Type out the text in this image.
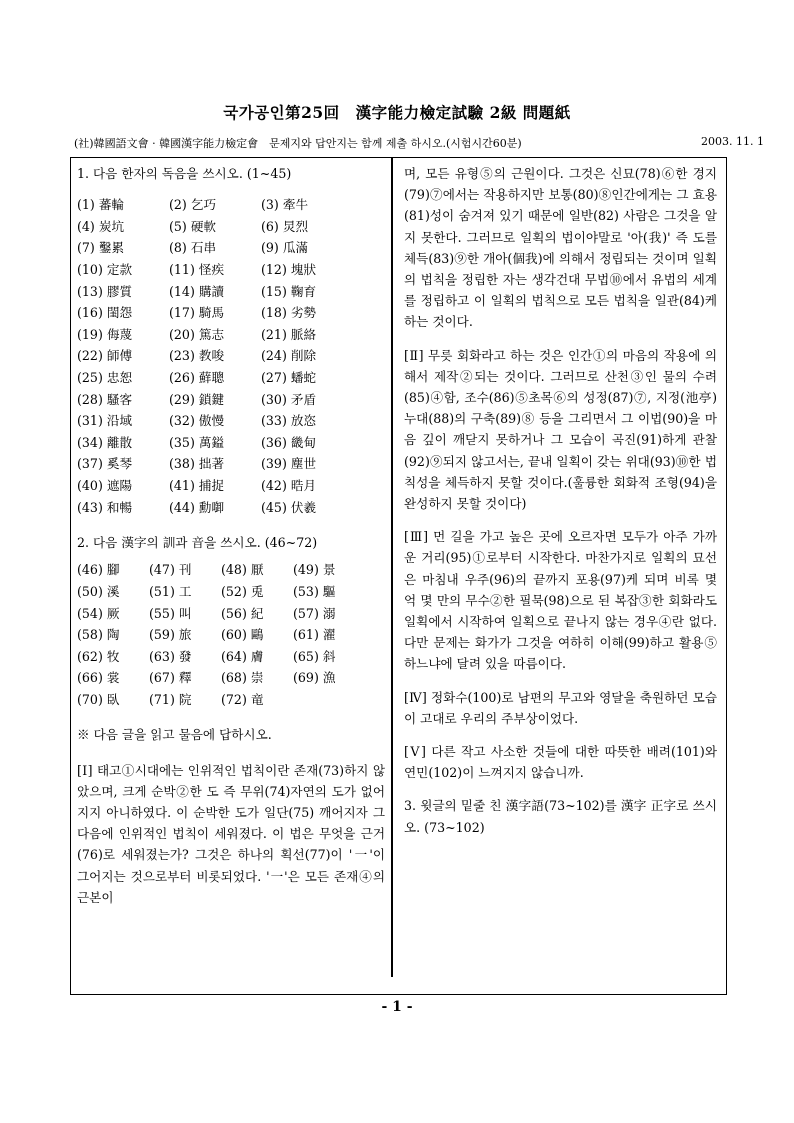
국가공인第25回　漢字能力檢定試驗 2級 問題紙
(社)韓國語文會 · 韓國漢字能力檢定會　문제지와 답안지는 함께 제출 하시오.(시험시간60분)	2003. 11. 1
1. 다음 한자의 독음을 쓰시오. (1~45)
(1) 蕃輪	(2) 乞巧	(3) 牽牛
(4) 炭坑	(5) 硬軟	(6) 炅烈
(7) 鑿累	(8) 石串	(9) 瓜滿
(10) 定款	(11) 怪疾	(12) 塊狀
(13) 膠質	(14) 購讀	(15) 鞠育
(16) 閨怨	(17) 騎馬	(18) 劣勢
(19) 侮蔑	(20) 篤志	(21) 脈絡
(22) 師傅	(23) 教唆	(24) 削除
(25) 忠恕	(26) 蘚聰	(27) 蟠蛇
(28) 騷客	(29) 鎖鍵	(30) 矛盾
(31) 沿域	(32) 傲慢	(33) 放恣
(34) 離散	(35) 萬鎰	(36) 畿甸
(37) 奚琴	(38) 拙著	(39) 塵世
(40) 遮陽	(41) 捕捉	(42) 晧月
(43) 和暢	(44) 勳啣	(45) 伏羲
2. 다음 漢字의 訓과 音을 쓰시오. (46~72)
(46) 腳	(47) 刊	(48) 厭	(49) 景
(50) 溪	(51) 工	(52) 兎	(53) 驅
(54) 厥	(55) 叫	(56) 紀	(57) 溺
(58) 陶	(59) 旅	(60) 鷗	(61) 濯
(62) 牧	(63) 發	(64) 膚	(65) 斜
(66) 裳	(67) 釋	(68) 崇	(69) 漁
(70) 臥	(71) 院	(72) 竜
※ 다음 글을 읽고 물음에 답하시오.

[Ⅰ] 태고①시대에는 인위적인 법칙이란 존재(73)하지 않았으며, 크게 순박②한 도 즉 무위(74)자연의 도가 없어지지 아니하였다. 이 순박한 도가 일단(75) 깨어지자 그 다음에 인위적인 법칙이 세워졌다. 이 법은 무엇을 근거(76)로 세워졌는가? 그것은 하나의 획선(77)이 '一'이 그어지는 것으로부터 비롯되었다. '一'은 모든 존재④의 근본이

며, 모든 유형⑤의 근원이다. 그것은 신묘(78)⑥한 경지(79)⑦에서는 작용하지만 보통(80)⑧인간에게는 그 효용(81)성이 숨겨져 있기 때문에 일반(82) 사람은 그것을 알지 못한다. 그러므로 일획의 법이야말로 '아(我)' 즉 도를 체득(83)⑨한 개아(個我)에 의해서 정립되는 것이며 일획의 법칙을 정립한 자는 생각건대 무법⑩에서 유법의 세계를 정립하고 이 일획의 법칙으로 모든 법칙을 일관(84)케 하는 것이다.

[Ⅱ] 무릇 회화라고 하는 것은 인간①의 마음의 작용에 의해서 제작②되는 것이다. 그러므로 산천③인 물의 수려(85)④함, 조수(86)⑤초목⑥의 성정(87)⑦, 지정(池亭)누대(88)의 구축(89)⑧ 등을 그리면서 그 이법(90)을 마음 깊이 깨닫지 못하거나 그 모습이 곡진(91)하게 관찰(92)⑨되지 않고서는, 끝내 일획이 갖는 위대(93)⑩한 법칙성을 체득하지 못할 것이다.(훌륭한 회화적 조형(94)을 완성하지 못할 것이다)

[Ⅲ] 먼 길을 가고 높은 곳에 오르자면 모두가 아주 가까운 거리(95)①로부터 시작한다. 마찬가지로 일획의 묘선은 마침내 우주(96)의 끝까지 포용(97)케 되며 비록 몇 억 몇 만의 무수②한 필묵(98)으로 된 복잡③한 회화라도 일획에서 시작하여 일획으로 끝나지 않는 경우④란 없다. 다만 문제는 화가가 그것을 여하히 이해(99)하고 활용⑤하느냐에 달려 있을 따름이다.

[Ⅳ] 정화수(100)로 남편의 무고와 영달을 축원하던 모습이 고대로 우리의 주부상이었다.

[Ⅴ] 다른 작고 사소한 것들에 대한 따뜻한 배려(101)와 연민(102)이 느껴지지 않습니까.

3. 윗글의 밑줄 친 漢字語(73~102)를 漢字 正字로 쓰시오. (73~102)

- 1 -
